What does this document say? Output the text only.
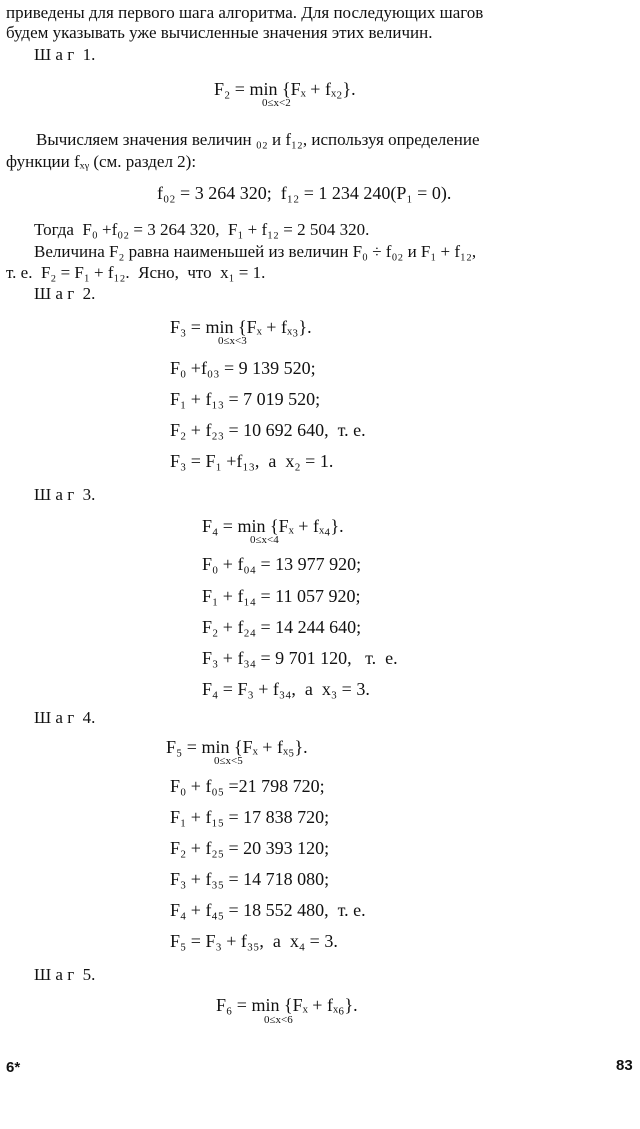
приведены для первого шага алгоритма. Для последующих шагов
будем указывать уже вычисленные значения этих величин.
Ш а г  1.
F₂ = min {Fₓ + fₓ₂}.
0≤x<2
Вычисляем значения величин ₀₂ и f₁₂, используя определение
функции fₓᵧ (см. раздел 2):
f₀₂ = 3 264 320;  f₁₂ = 1 234 240(P₁ = 0).
Тогда  F₀ +f₀₂ = 3 264 320,  F₁ + f₁₂ = 2 504 320.
Величина F₂ равна наименьшей из величин F₀ ÷ f₀₂ и F₁ + f₁₂,
т. е.  F₂ = F₁ + f₁₂.  Ясно,  что  x₁ = 1.
Ш а г  2.
F₃ = min {Fₓ + fₓ₃}.
0≤x<3
F₀ +f₀₃ = 9 139 520;
F₁ + f₁₃ = 7 019 520;
F₂ + f₂₃ = 10 692 640,  т. е.
F₃ = F₁ +f₁₃,  а  x₂ = 1.
Ш а г  3.
F₄ = min {Fₓ + fₓ₄}.
0≤x<4
F₀ + f₀₄ = 13 977 920;
F₁ + f₁₄ = 11 057 920;
F₂ + f₂₄ = 14 244 640;
F₃ + f₃₄ = 9 701 120,   т.  е.
F₄ = F₃ + f₃₄,  а  x₃ = 3.
Ш а г  4.
F₅ = min {Fₓ + fₓ₅}.
0≤x<5
F₀ + f₀₅ =21 798 720;
F₁ + f₁₅ = 17 838 720;
F₂ + f₂₅ = 20 393 120;
F₃ + f₃₅ = 14 718 080;
F₄ + f₄₅ = 18 552 480,  т. е.
F₅ = F₃ + f₃₅,  а  x₄ = 3.
Ш а г  5.
F₆ = min {Fₓ + fₓ₆}.
0≤x<6
6*	83
